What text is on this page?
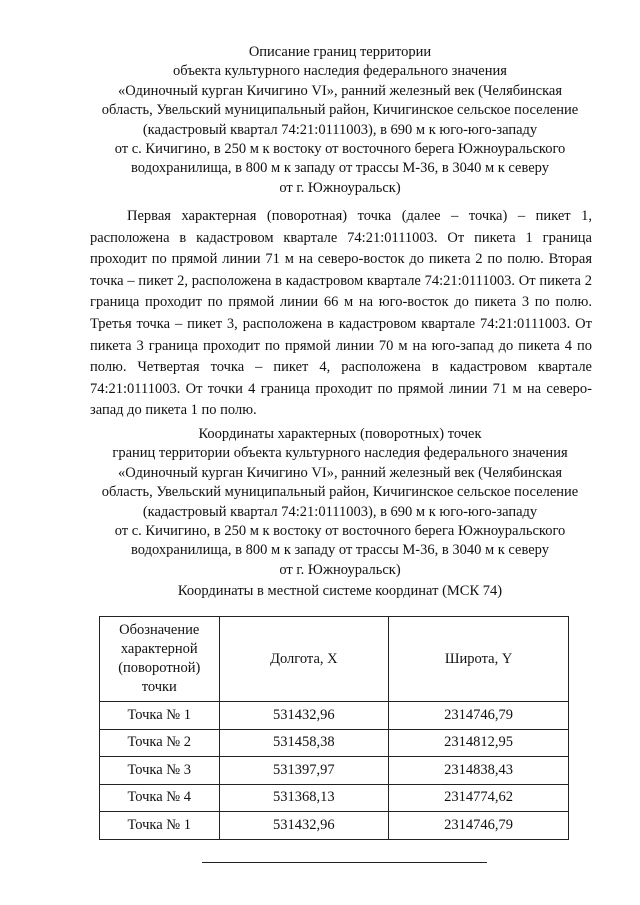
Описание границ территории
объекта культурного наследия федерального значения
«Одиночный курган Кичигино VI», ранний железный век (Челябинская
область, Увельский муниципальный район, Кичигинское сельское поселение
(кадастровый квартал 74:21:0111003), в 690 м к юго-юго-западу
от с. Кичигино, в 250 м к востоку от восточного берега Южноуральского
водохранилища, в 800 м к западу от трассы М-36, в 3040 м к северу
от г. Южноуральск)

Первая характерная (поворотная) точка (далее – точка) – пикет 1, расположена в кадастровом квартале 74:21:0111003. От пикета 1 граница проходит по прямой линии 71 м на северо-восток до пикета 2 по полю. Вторая точка – пикет 2, расположена в кадастровом квартале 74:21:0111003. От пикета 2 граница проходит по прямой линии 66 м на юго-восток до пикета 3 по полю. Третья точка – пикет 3, расположена в кадастровом квартале 74:21:0111003. От пикета 3 граница проходит по прямой линии 70 м на юго-запад до пикета 4 по полю. Четвертая точка – пикет 4, расположена в кадастровом квартале 74:21:0111003. От точки 4 граница проходит по прямой линии 71 м на северо-запад до пикета 1 по полю.

Координаты характерных (поворотных) точек
границ территории объекта культурного наследия федерального значения
«Одиночный курган Кичигино VI», ранний железный век (Челябинская
область, Увельский муниципальный район, Кичигинское сельское поселение
(кадастровый квартал 74:21:0111003), в 690 м к юго-юго-западу
от с. Кичигино, в 250 м к востоку от восточного берега Южноуральского
водохранилища, в 800 м к западу от трассы М-36, в 3040 м к северу
от г. Южноуральск)
Координаты в местной системе координат (МСК 74)
Обозначение
характерной
(поворотной)
точки	Долгота, X	Широта, Y
Точка № 1	531432,96	2314746,79
Точка № 2	531458,38	2314812,95
Точка № 3	531397,97	2314838,43
Точка № 4	531368,13	2314774,62
Точка № 1	531432,96	2314746,79
